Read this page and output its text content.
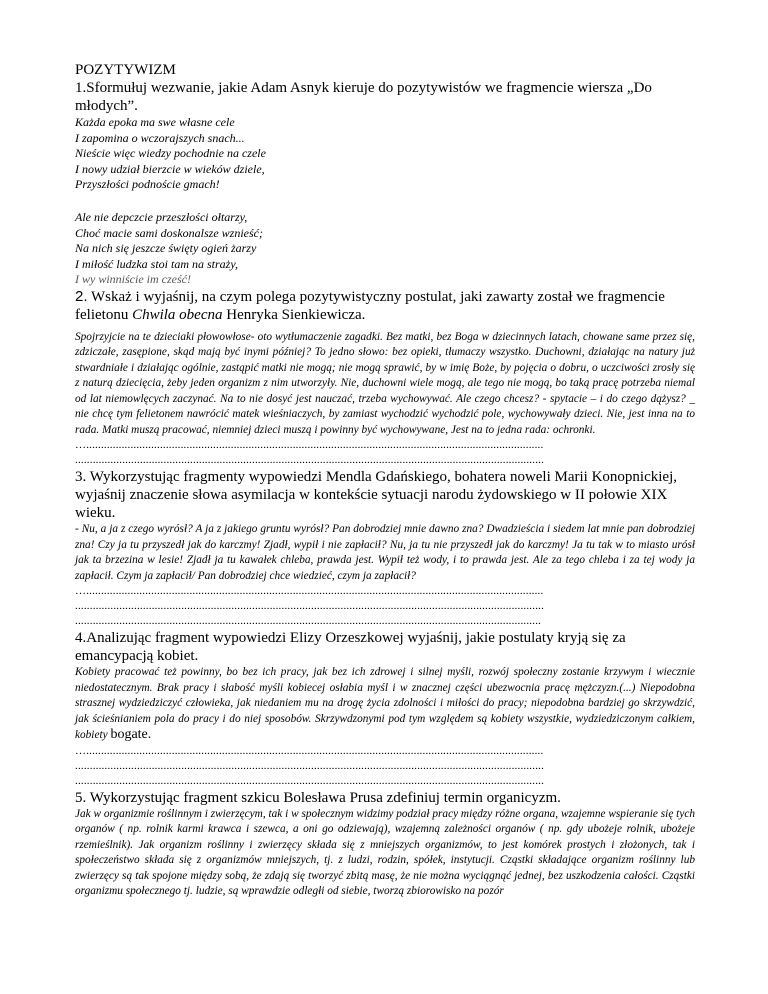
POZYTYWIZM

1.Sformułuj wezwanie, jakie Adam Asnyk kieruje do pozytywistów we fragmencie wiersza „Do młodych”.

Każda epoka ma swe własne cele

I zapomina o wczorajszych snach...

Nieście więc wiedzy pochodnie na czele

I nowy udział bierzcie w wieków dziele,

Przyszłości podnoście gmach!

Ale nie depczcie przeszłości ołtarzy,

Choć macie sami doskonalsze wznieść;

Na nich się jeszcze święty ogień żarzy

I miłość ludzka stoi tam na straży,

I wy winniście im cześć!

2. Wskaż i wyjaśnij, na czym polega pozytywistyczny postulat, jaki zawarty został we fragmencie felietonu Chwila obecna Henryka Sienkiewicza.

Spojrzyjcie na te dzieciaki płowowłose- oto wytłumaczenie zagadki. Bez matki, bez Boga w dziecinnych latach, chowane same przez się, zdziczałe, zasępione, skąd mają być inymi później? To jedno słowo: bez opieki, tłumaczy wszystko. Duchowni, działając na natury już stwardniałe i działając ogólnie, zastąpić matki nie mogą; nie mogą sprawić, by w imię Boże, by pojęcia o dobru, o uczciwości zrosły się z naturą dziecięcia, żeby jeden organizm z nim utworzyły. Nie, duchowni wiele mogą, ale tego nie mogą, bo taką pracę potrzeba niemal od lat niemowlęcych zaczynać. Na to nie dosyć jest nauczać, trzeba wychowywać. Ale czego chcesz? - spytacie – i do czego dążysz? _ nie chcę tym felietonem nawrócić matek wieśniaczych, by zamiast wychodzić wychodzić pole, wychowywały dzieci. Nie, jest inna na to rada. Matki muszą pracować, niemniej dzieci muszą i powinny być wychowywane, Jest na to jedna rada: ochronki.

…...........................................................................................................................................................

...............................................................................................................................................................

3. Wykorzystując fragmenty wypowiedzi Mendla Gdańskiego, bohatera noweli Marii Konopnickiej, wyjaśnij znaczenie słowa asymilacja w kontekście sytuacji narodu żydowskiego w II połowie XIX wieku.

- Nu, a ja z czego wyrósł? A ja z jakiego gruntu wyrósł? Pan dobrodziej mnie dawno zna? Dwadzieścia i siedem lat mnie pan dobrodziej zna! Czy ja tu przyszedł jak do karczmy! Zjadł, wypił i nie zapłacił? Nu, ja tu nie przyszedł jak do karczmy! Ja tu tak w to miasto urósł jak ta brzezina w lesie! Zjadł ja tu kawałek chleba, prawda jest. Wypił też wody, i to prawda jest. Ale za tego chleba i za tej wody ja zapłacił. Czym ja zapłacił/ Pan dobrodziej chce wiedzieć, czym ja zapłacił?

…...........................................................................................................................................................

...............................................................................................................................................................

..............................................................................................................................................................

4.Analizując fragment wypowiedzi Elizy Orzeszkowej wyjaśnij, jakie postulaty kryją się za emancypacją kobiet.

Kobiety pracować też powinny, bo bez ich pracy, jak bez ich zdrowej i silnej myśli, rozwój społeczny zostanie krzywym i wiecznie niedostatecznym. Brak pracy i słabość myśli kobiecej osłabia myśl i w znacznej części ubezwocnia pracę mężczyzn.(...) Niepodobna strasznej wydziedziczyć człowieka, jak niedaniem mu na drogę życia zdolności i miłości do pracy; niepodobna bardziej go skrzywdzić, jak ścieśnianiem pola do pracy i do niej sposobów. Skrzywdzonymi pod tym względem są kobiety wszystkie, wydziedziczonym całkiem, kobiety bogate.

…...........................................................................................................................................................

...............................................................................................................................................................

...............................................................................................................................................................

5. Wykorzystując fragment szkicu Bolesława Prusa zdefiniuj termin organicyzm.

Jak w organizmie roślinnym i zwierzęcym, tak i w społecznym widzimy podział pracy między różne organa, wzajemne wspieranie się tych organów ( np. rolnik karmi krawca i szewca, a oni go odziewają), wzajemną zależności organów ( np. gdy ubożeje rolnik, ubożeje rzemieślnik). Jak organizm roślinny i zwierzęcy składa się z mniejszych organizmów, to jest komórek prostych i złożonych, tak i społeczeństwo składa się z organizmów mniejszych, tj. z ludzi, rodzin, spółek, instytucji. Cząstki składające organizm roślinny lub zwierzęcy są tak spojone między sobą, że zdają się tworzyć zbitą masę, że nie można wyciągnąć jednej, bez uszkodzenia całości. Cząstki organizmu społecznego tj. ludzie, są wprawdzie odległi od siebie, tworzą zbiorowisko na pozór
